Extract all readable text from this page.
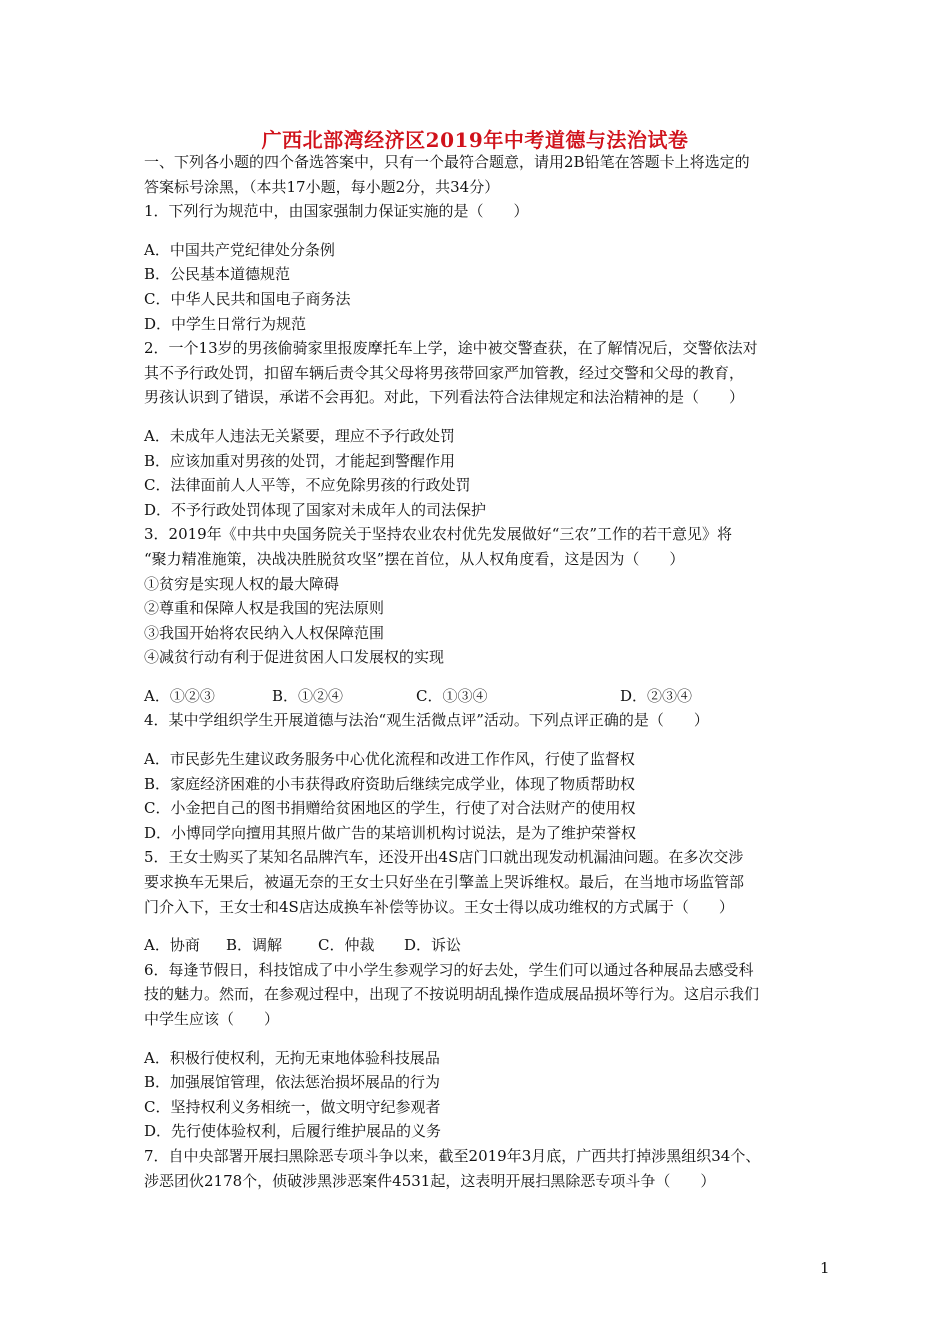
广西北部湾经济区2019年中考道德与法治试卷
一、下列各小题的四个备选答案中，只有一个最符合题意，请用2B铅笔在答题卡上将选定的
答案标号涂黑，（本共17小题，每小题2分，共34分）
1．下列行为规范中，由国家强制力保证实施的是（　　）
A．中国共产党纪律处分条例
B．公民基本道德规范
C．中华人民共和国电子商务法
D．中学生日常行为规范
2．一个13岁的男孩偷骑家里报废摩托车上学，途中被交警查获，在了解情况后，交警依法对
其不予行政处罚，扣留车辆后责令其父母将男孩带回家严加管教，经过交警和父母的教育，
男孩认识到了错误，承诺不会再犯。对此，下列看法符合法律规定和法治精神的是（　　）
A．未成年人违法无关紧要，理应不予行政处罚
B．应该加重对男孩的处罚，才能起到警醒作用
C．法律面前人人平等，不应免除男孩的行政处罚
D．不予行政处罚体现了国家对未成年人的司法保护
3．2019年《中共中央国务院关于坚持农业农村优先发展做好“三农”工作的若干意见》将
“聚力精准施策，决战决胜脱贫攻坚”摆在首位，从人权角度看，这是因为（　　）
①贫穷是实现人权的最大障碍
②尊重和保障人权是我国的宪法原则
③我国开始将农民纳入人权保障范围
④减贫行动有利于促进贫困人口发展权的实现
A．①②③	B．①②④	C．①③④	D．②③④
4．某中学组织学生开展道德与法治“观生活微点评”活动。下列点评正确的是（　　）
A．市民彭先生建议政务服务中心优化流程和改进工作作风，行使了监督权
B．家庭经济困难的小韦获得政府资助后继续完成学业，体现了物质帮助权
C．小金把自己的图书捐赠给贫困地区的学生，行使了对合法财产的使用权
D．小博同学向擅用其照片做广告的某培训机构讨说法，是为了维护荣誉权
5．王女士购买了某知名品牌汽车，还没开出4S店门口就出现发动机漏油问题。在多次交涉
要求换车无果后，被逼无奈的王女士只好坐在引擎盖上哭诉维权。最后，在当地市场监管部
门介入下，王女士和4S店达成换车补偿等协议。王女士得以成功维权的方式属于（　　）
A．协商 B．调解 C．仲裁 D．诉讼
6．每逢节假日，科技馆成了中小学生参观学习的好去处，学生们可以通过各种展品去感受科
技的魅力。然而，在参观过程中，出现了不按说明胡乱操作造成展品损坏等行为。这启示我们
中学生应该（　　）
A．积极行使权利，无拘无束地体验科技展品
B．加强展馆管理，依法惩治损坏展品的行为
C．坚持权利义务相统一，做文明守纪参观者
D．先行使体验权利，后履行维护展品的义务
7．自中央部署开展扫黑除恶专项斗争以来，截至2019年3月底，广西共打掉涉黑组织34个、
涉恶团伙2178个，侦破涉黑涉恶案件4531起，这表明开展扫黑除恶专项斗争（　　）
1
